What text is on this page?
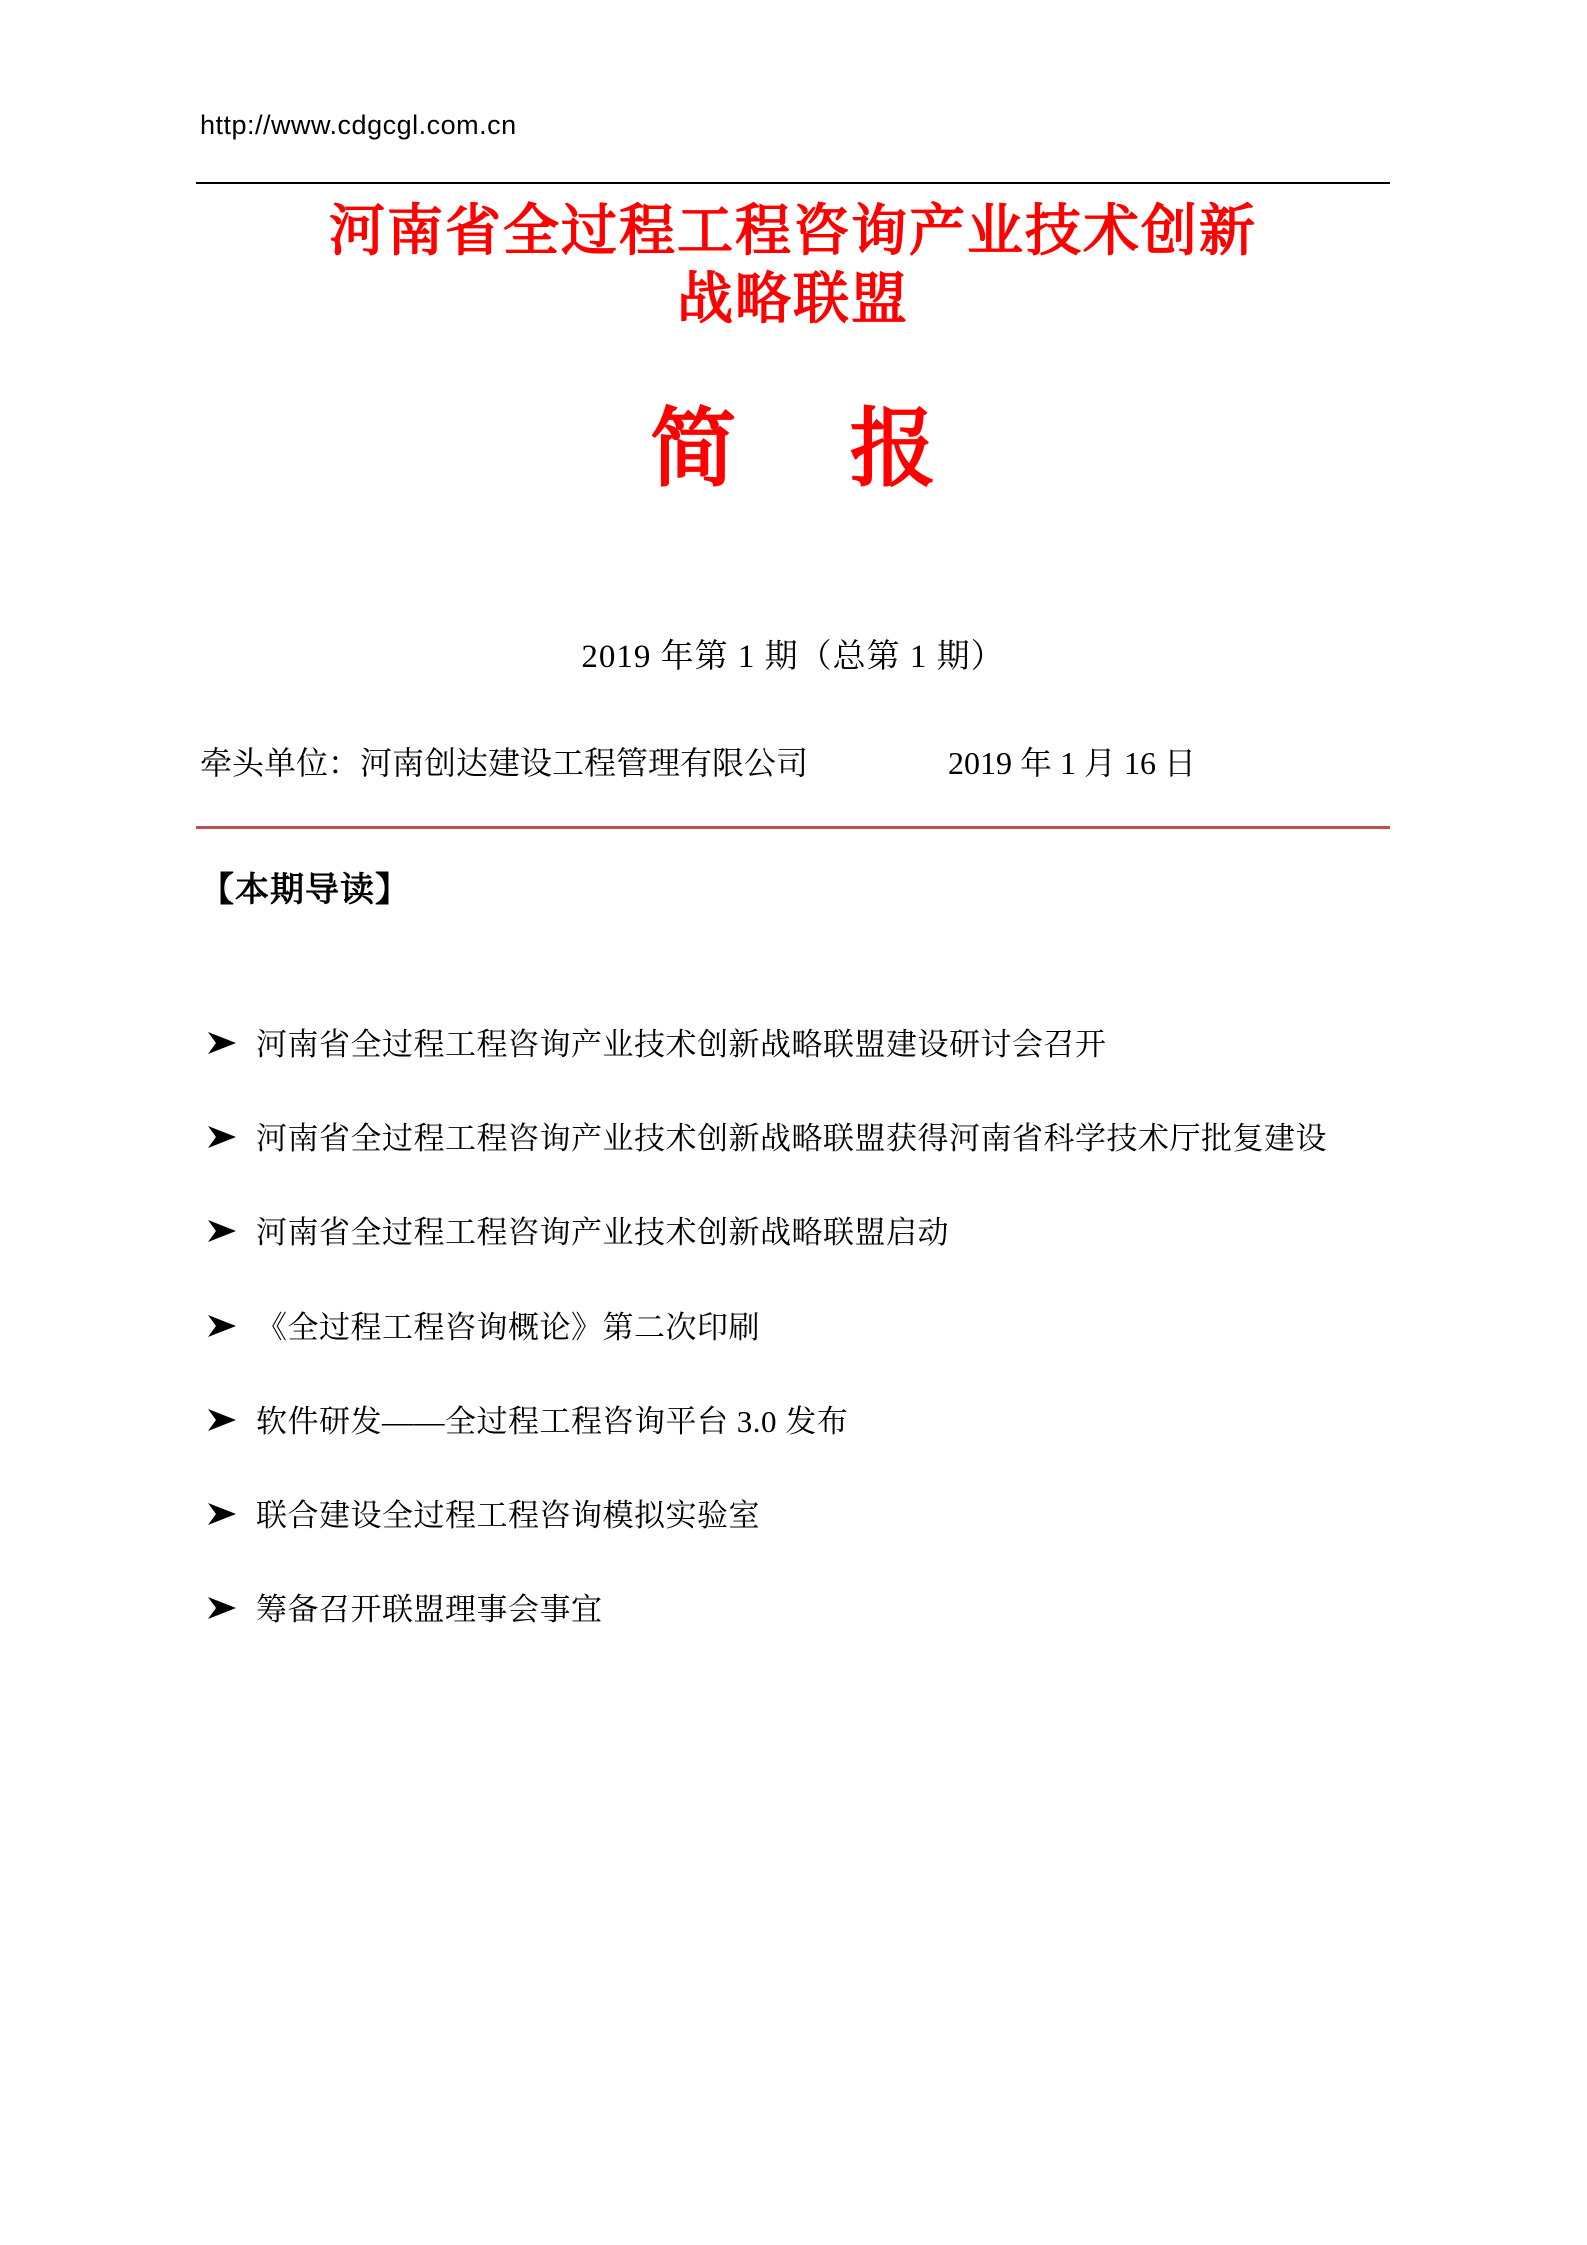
http://www.cdgcgl.com.cn
河南省全过程工程咨询产业技术创新
战略联盟
简 报
2019 年第 1 期（总第 1 期）
牵头单位：河南创达建设工程管理有限公司	2019 年 1 月 16 日
【本期导读】
河南省全过程工程咨询产业技术创新战略联盟建设研讨会召开
河南省全过程工程咨询产业技术创新战略联盟获得河南省科学技术厅批复建设
河南省全过程工程咨询产业技术创新战略联盟启动
《全过程工程咨询概论》第二次印刷
软件研发——全过程工程咨询平台 3.0 发布
联合建设全过程工程咨询模拟实验室
筹备召开联盟理事会事宜
